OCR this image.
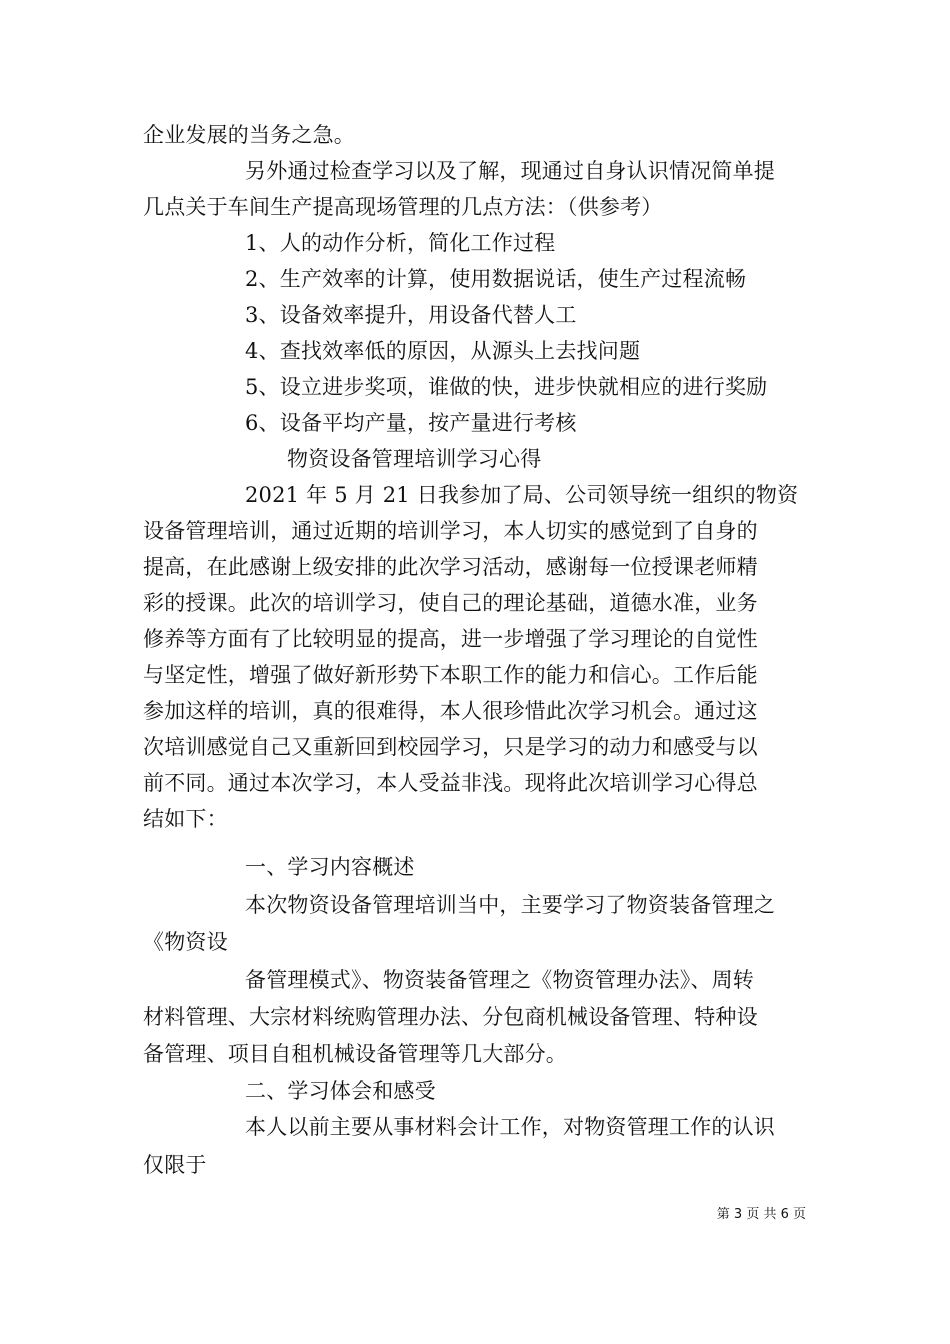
企业发展的当务之急。
另外通过检查学习以及了解，现通过自身认识情况简单提
几点关于车间生产提高现场管理的几点方法：（供参考）
1、人的动作分析，简化工作过程
2、生产效率的计算，使用数据说话，使生产过程流畅
3、设备效率提升，用设备代替人工
4、查找效率低的原因，从源头上去找问题
5、设立进步奖项，谁做的快，进步快就相应的进行奖励
6、设备平均产量，按产量进行考核
物资设备管理培训学习心得
2021 年 5 月 21 日我参加了局、公司领导统一组织的物资
设备管理培训，通过近期的培训学习，本人切实的感觉到了自身的
提高，在此感谢上级安排的此次学习活动，感谢每一位授课老师精
彩的授课。此次的培训学习，使自己的理论基础，道德水准，业务
修养等方面有了比较明显的提高，进一步增强了学习理论的自觉性
与坚定性，增强了做好新形势下本职工作的能力和信心。工作后能
参加这样的培训，真的很难得，本人很珍惜此次学习机会。通过这
次培训感觉自己又重新回到校园学习，只是学习的动力和感受与以
前不同。通过本次学习，本人受益非浅。现将此次培训学习心得总
结如下：
一、学习内容概述
本次物资设备管理培训当中，主要学习了物资装备管理之
《物资设
备管理模式》、物资装备管理之《物资管理办法》、周转
材料管理、大宗材料统购管理办法、分包商机械设备管理、特种设
备管理、项目自租机械设备管理等几大部分。
二、学习体会和感受
本人以前主要从事材料会计工作，对物资管理工作的认识
仅限于
第 3 页 共 6 页
